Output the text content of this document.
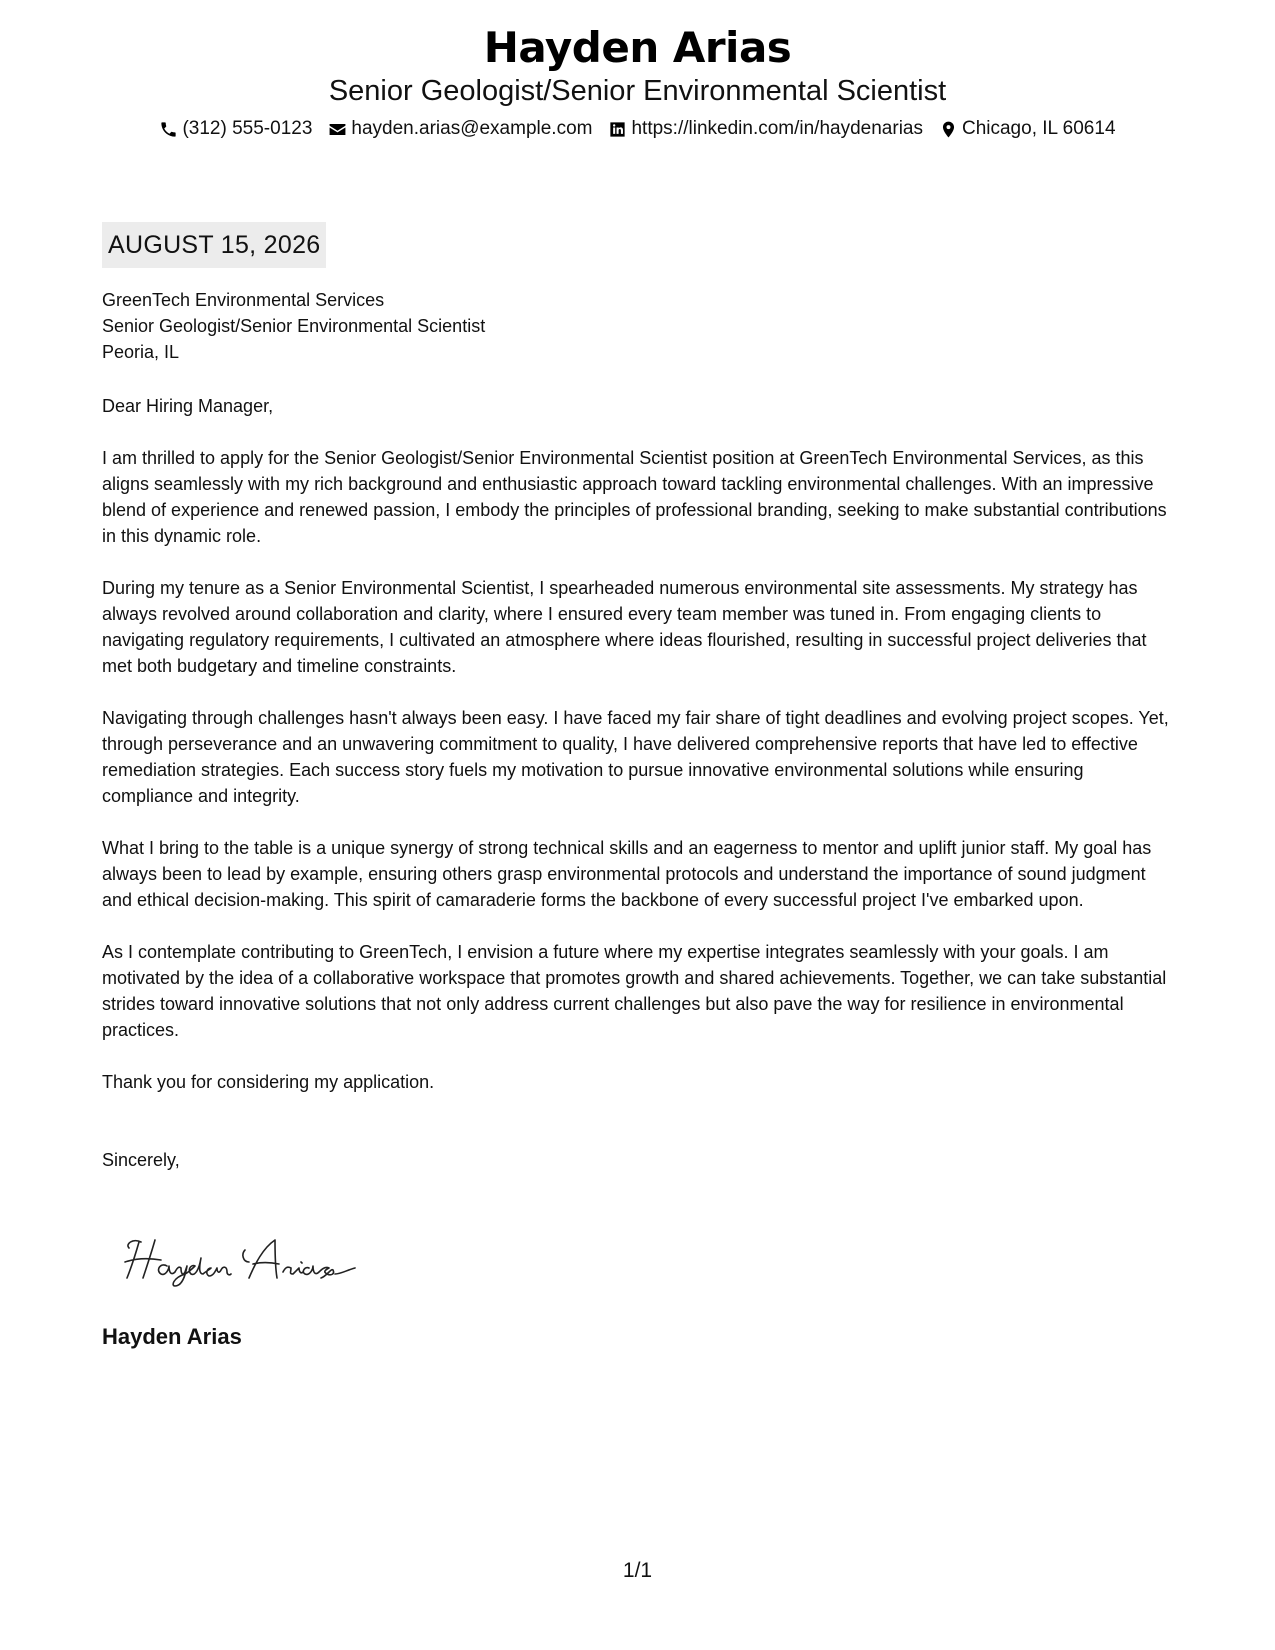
Hayden Arias
Senior Geologist/Senior Environmental Scientist
(312) 555-0123 hayden.arias@example.com https://linkedin.com/in/haydenarias Chicago, IL 60614
AUGUST 15, 2026
GreenTech Environmental Services
Senior Geologist/Senior Environmental Scientist
Peoria, IL
Dear Hiring Manager,
I am thrilled to apply for the Senior Geologist/Senior Environmental Scientist position at GreenTech Environmental Services, as this aligns seamlessly with my rich background and enthusiastic approach toward tackling environmental challenges. With an impressive blend of experience and renewed passion, I embody the principles of professional branding, seeking to make substantial contributions in this dynamic role.
During my tenure as a Senior Environmental Scientist, I spearheaded numerous environmental site assessments. My strategy has always revolved around collaboration and clarity, where I ensured every team member was tuned in. From engaging clients to navigating regulatory requirements, I cultivated an atmosphere where ideas flourished, resulting in successful project deliveries that met both budgetary and timeline constraints.
Navigating through challenges hasn't always been easy. I have faced my fair share of tight deadlines and evolving project scopes. Yet, through perseverance and an unwavering commitment to quality, I have delivered comprehensive reports that have led to effective remediation strategies. Each success story fuels my motivation to pursue innovative environmental solutions while ensuring compliance and integrity.
What I bring to the table is a unique synergy of strong technical skills and an eagerness to mentor and uplift junior staff. My goal has always been to lead by example, ensuring others grasp environmental protocols and understand the importance of sound judgment and ethical decision-making. This spirit of camaraderie forms the backbone of every successful project I've embarked upon.
As I contemplate contributing to GreenTech, I envision a future where my expertise integrates seamlessly with your goals. I am motivated by the idea of a collaborative workspace that promotes growth and shared achievements. Together, we can take substantial strides toward innovative solutions that not only address current challenges but also pave the way for resilience in environmental practices.
Thank you for considering my application.
Sincerely,
Hayden Arias
1/1
